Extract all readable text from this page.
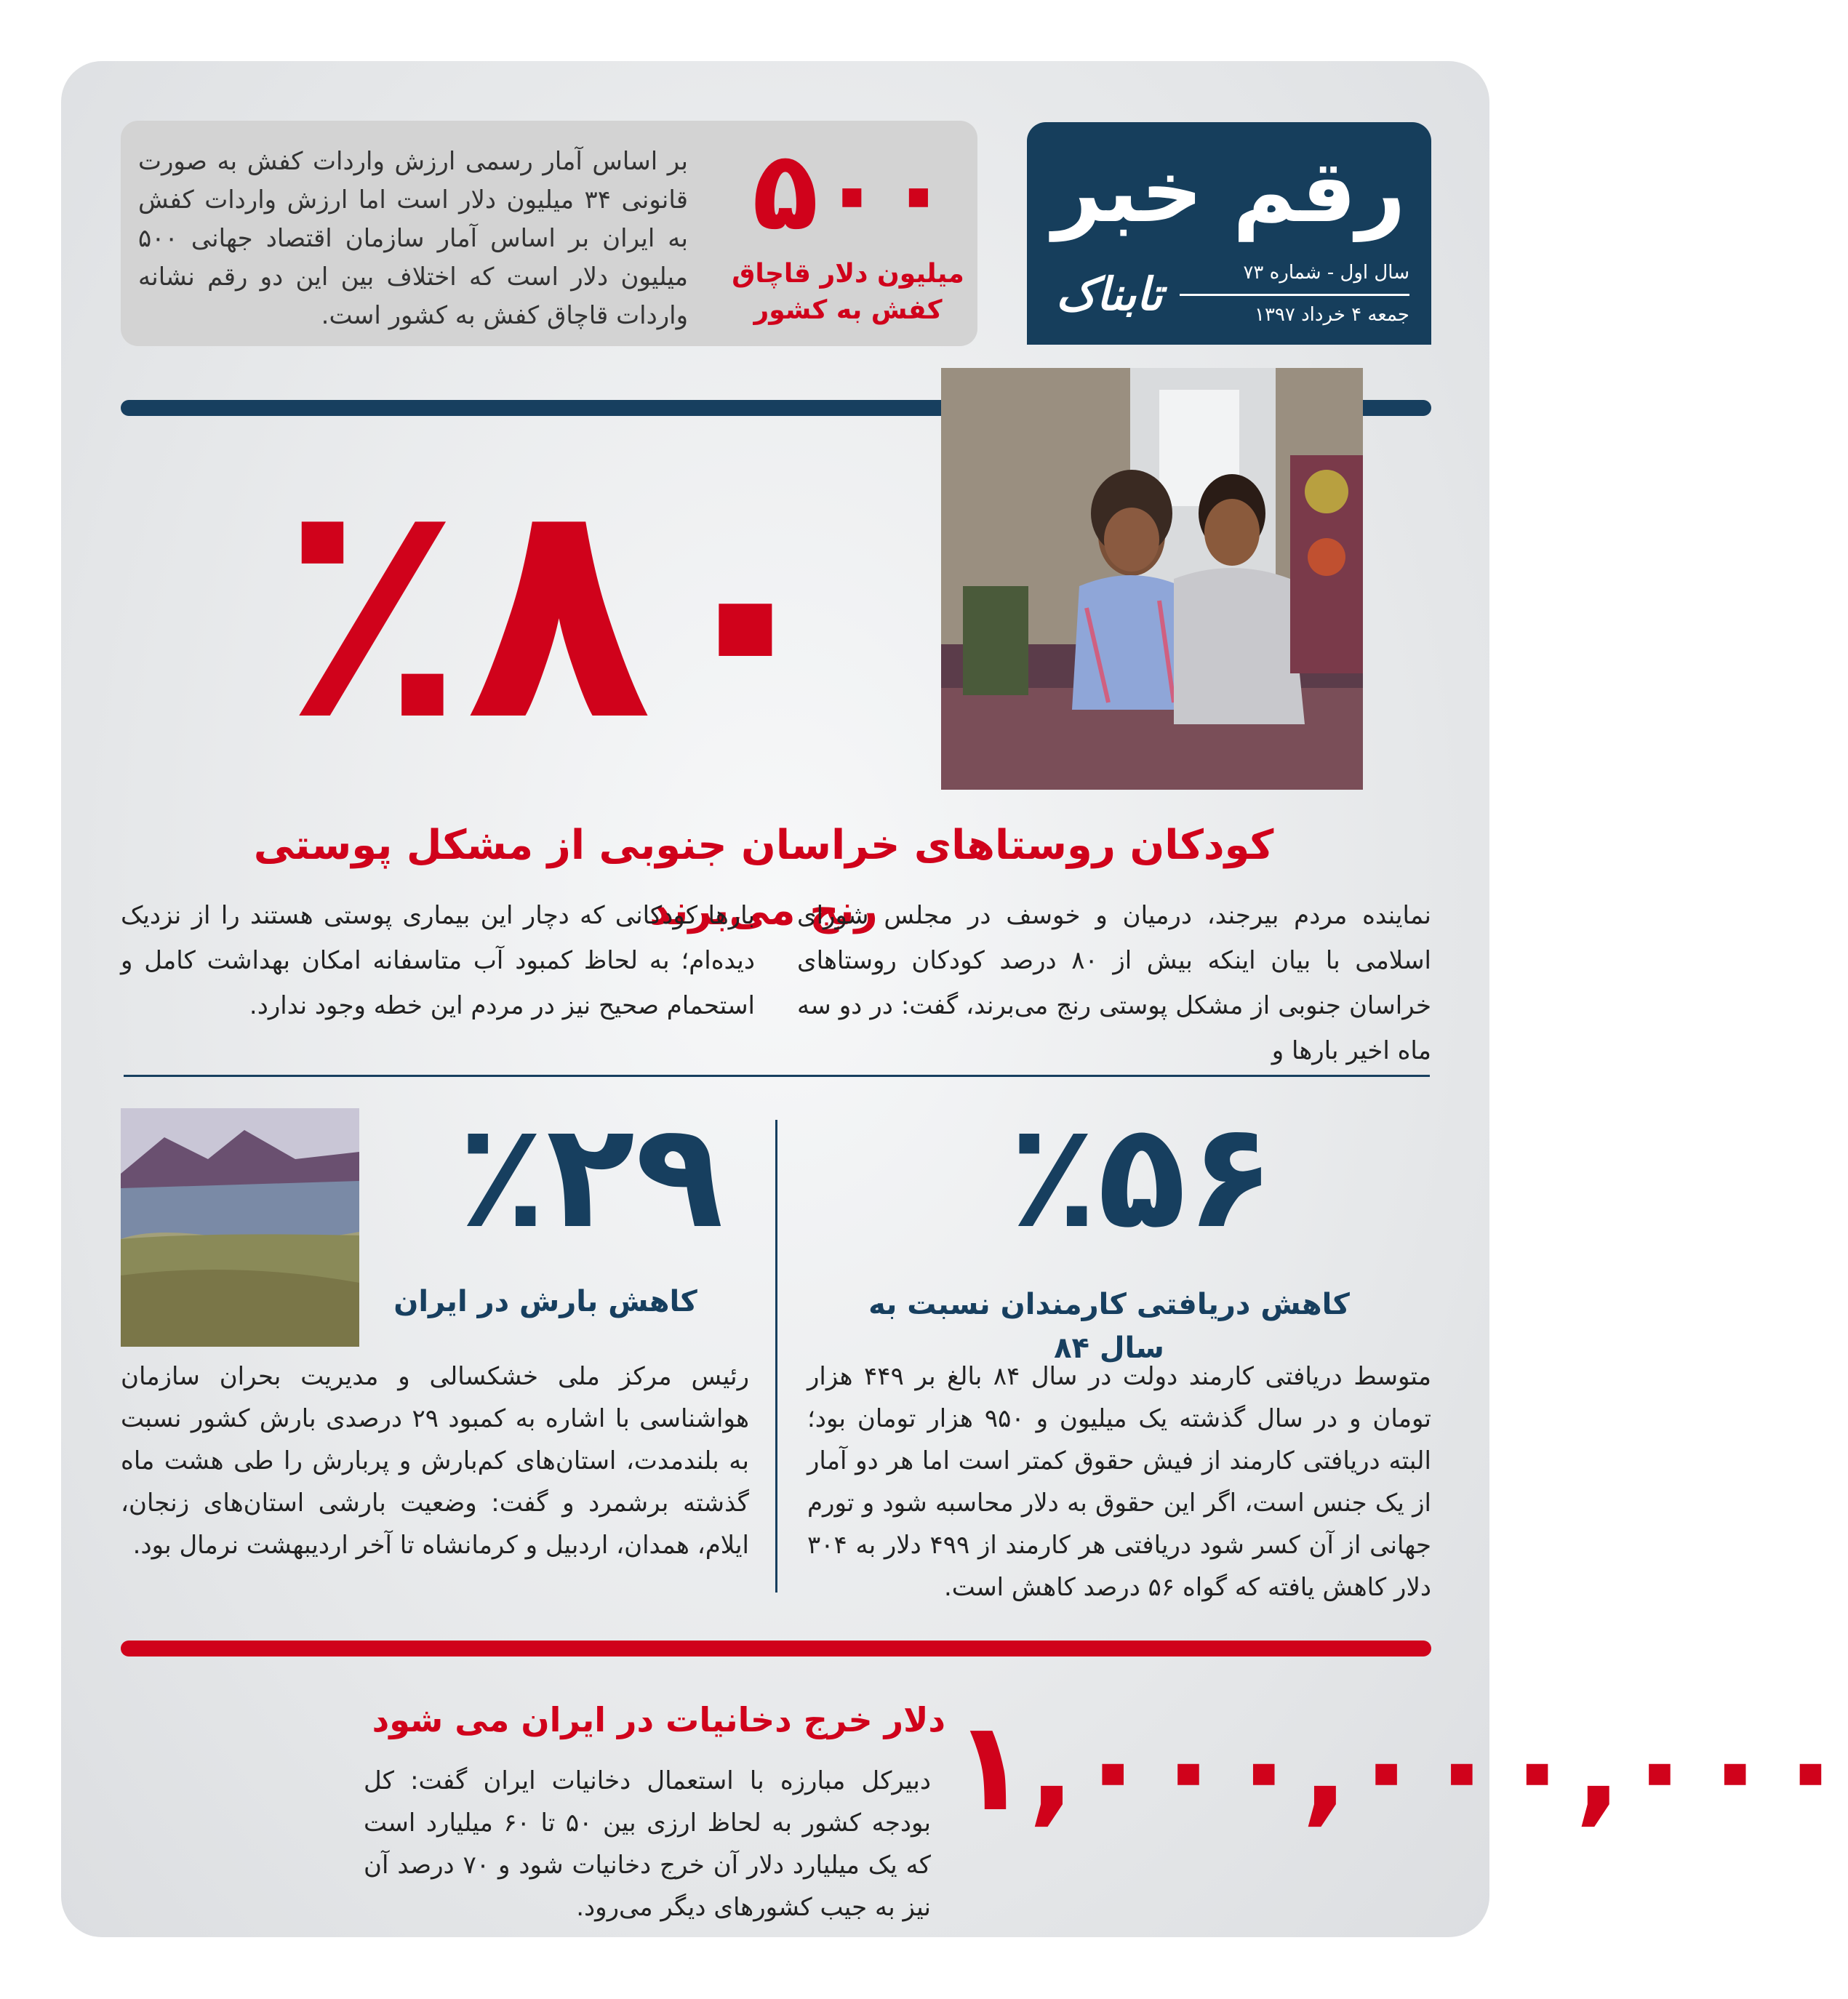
رقم خبر
تابناک	سال اول - شماره ۷۳
جمعه ۴ خرداد ۱۳۹۷
۵۰۰
میلیون دلار قاچاق کفش به کشور
بر اساس آمار رسمی ارزش واردات کفش به صورت قانونی ۳۴ میلیون دلار است اما ارزش واردات کفش به ایران بر اساس آمار سازمان اقتصاد جهانی ۵۰۰ میلیون دلار است که اختلاف بین این دو رقم نشانه واردات قاچاق کفش به کشور است.
٪۸۰
کودکان روستاهای خراسان جنوبی از مشکل پوستی رنج می‌برند
نماینده مردم بیرجند، درمیان و خوسف در مجلس شورای اسلامی با بیان اینکه بیش از ۸۰ درصد کودکان روستاهای خراسان جنوبی از مشکل پوستی رنج می‌برند، گفت: در دو سه ماه اخیر بارها و
بارها کودکانی که دچار این بیماری پوستی هستند را از نزدیک دیده‌ام؛ به لحاظ کمبود آب متاسفانه امکان بهداشت کامل و استحمام صحیح نیز در مردم این خطه وجود ندارد.
٪۲۹
کاهش بارش در ایران
رئیس مرکز ملی خشکسالی و مدیریت بحران سازمان هواشناسی با اشاره به کمبود ۲۹ درصدی بارش کشور نسبت به بلندمدت، استان‌های کم‌بارش و پربارش را طی هشت ماه گذشته برشمرد و گفت: وضعیت بارشی استان‌های زنجان، ایلام، همدان، اردبیل و کرمانشاه تا آخر اردیبهشت نرمال بود.
٪۵۶
کاهش دریافتی کارمندان نسبت به سال ۸۴
متوسط دریافتی کارمند دولت در سال ۸۴ بالغ بر ۴۴۹ هزار تومان و در سال گذشته یک میلیون و ۹۵۰ هزار تومان بود؛ البته دریافتی کارمند از فیش حقوق کمتر است اما هر دو آمار از یک جنس است، اگر این حقوق به دلار محاسبه شود و تورم جهانی از آن کسر شود دریافتی هر کارمند از ۴۹۹ دلار به ۳۰۴ دلار کاهش یافته که گواه ۵۶ درصد کاهش است.
۱,۰۰۰,۰۰۰,۰۰۰
دلار خرج دخانیات در ایران می شود
دبیرکل مبارزه با استعمال دخانیات ایران گفت: کل بودجه کشور به لحاظ ارزی بین ۵۰ تا ۶۰ میلیارد است که یک میلیارد دلار آن خرج دخانیات شود و ۷۰ درصد آن نیز به جیب کشورهای دیگر می‌رود.
